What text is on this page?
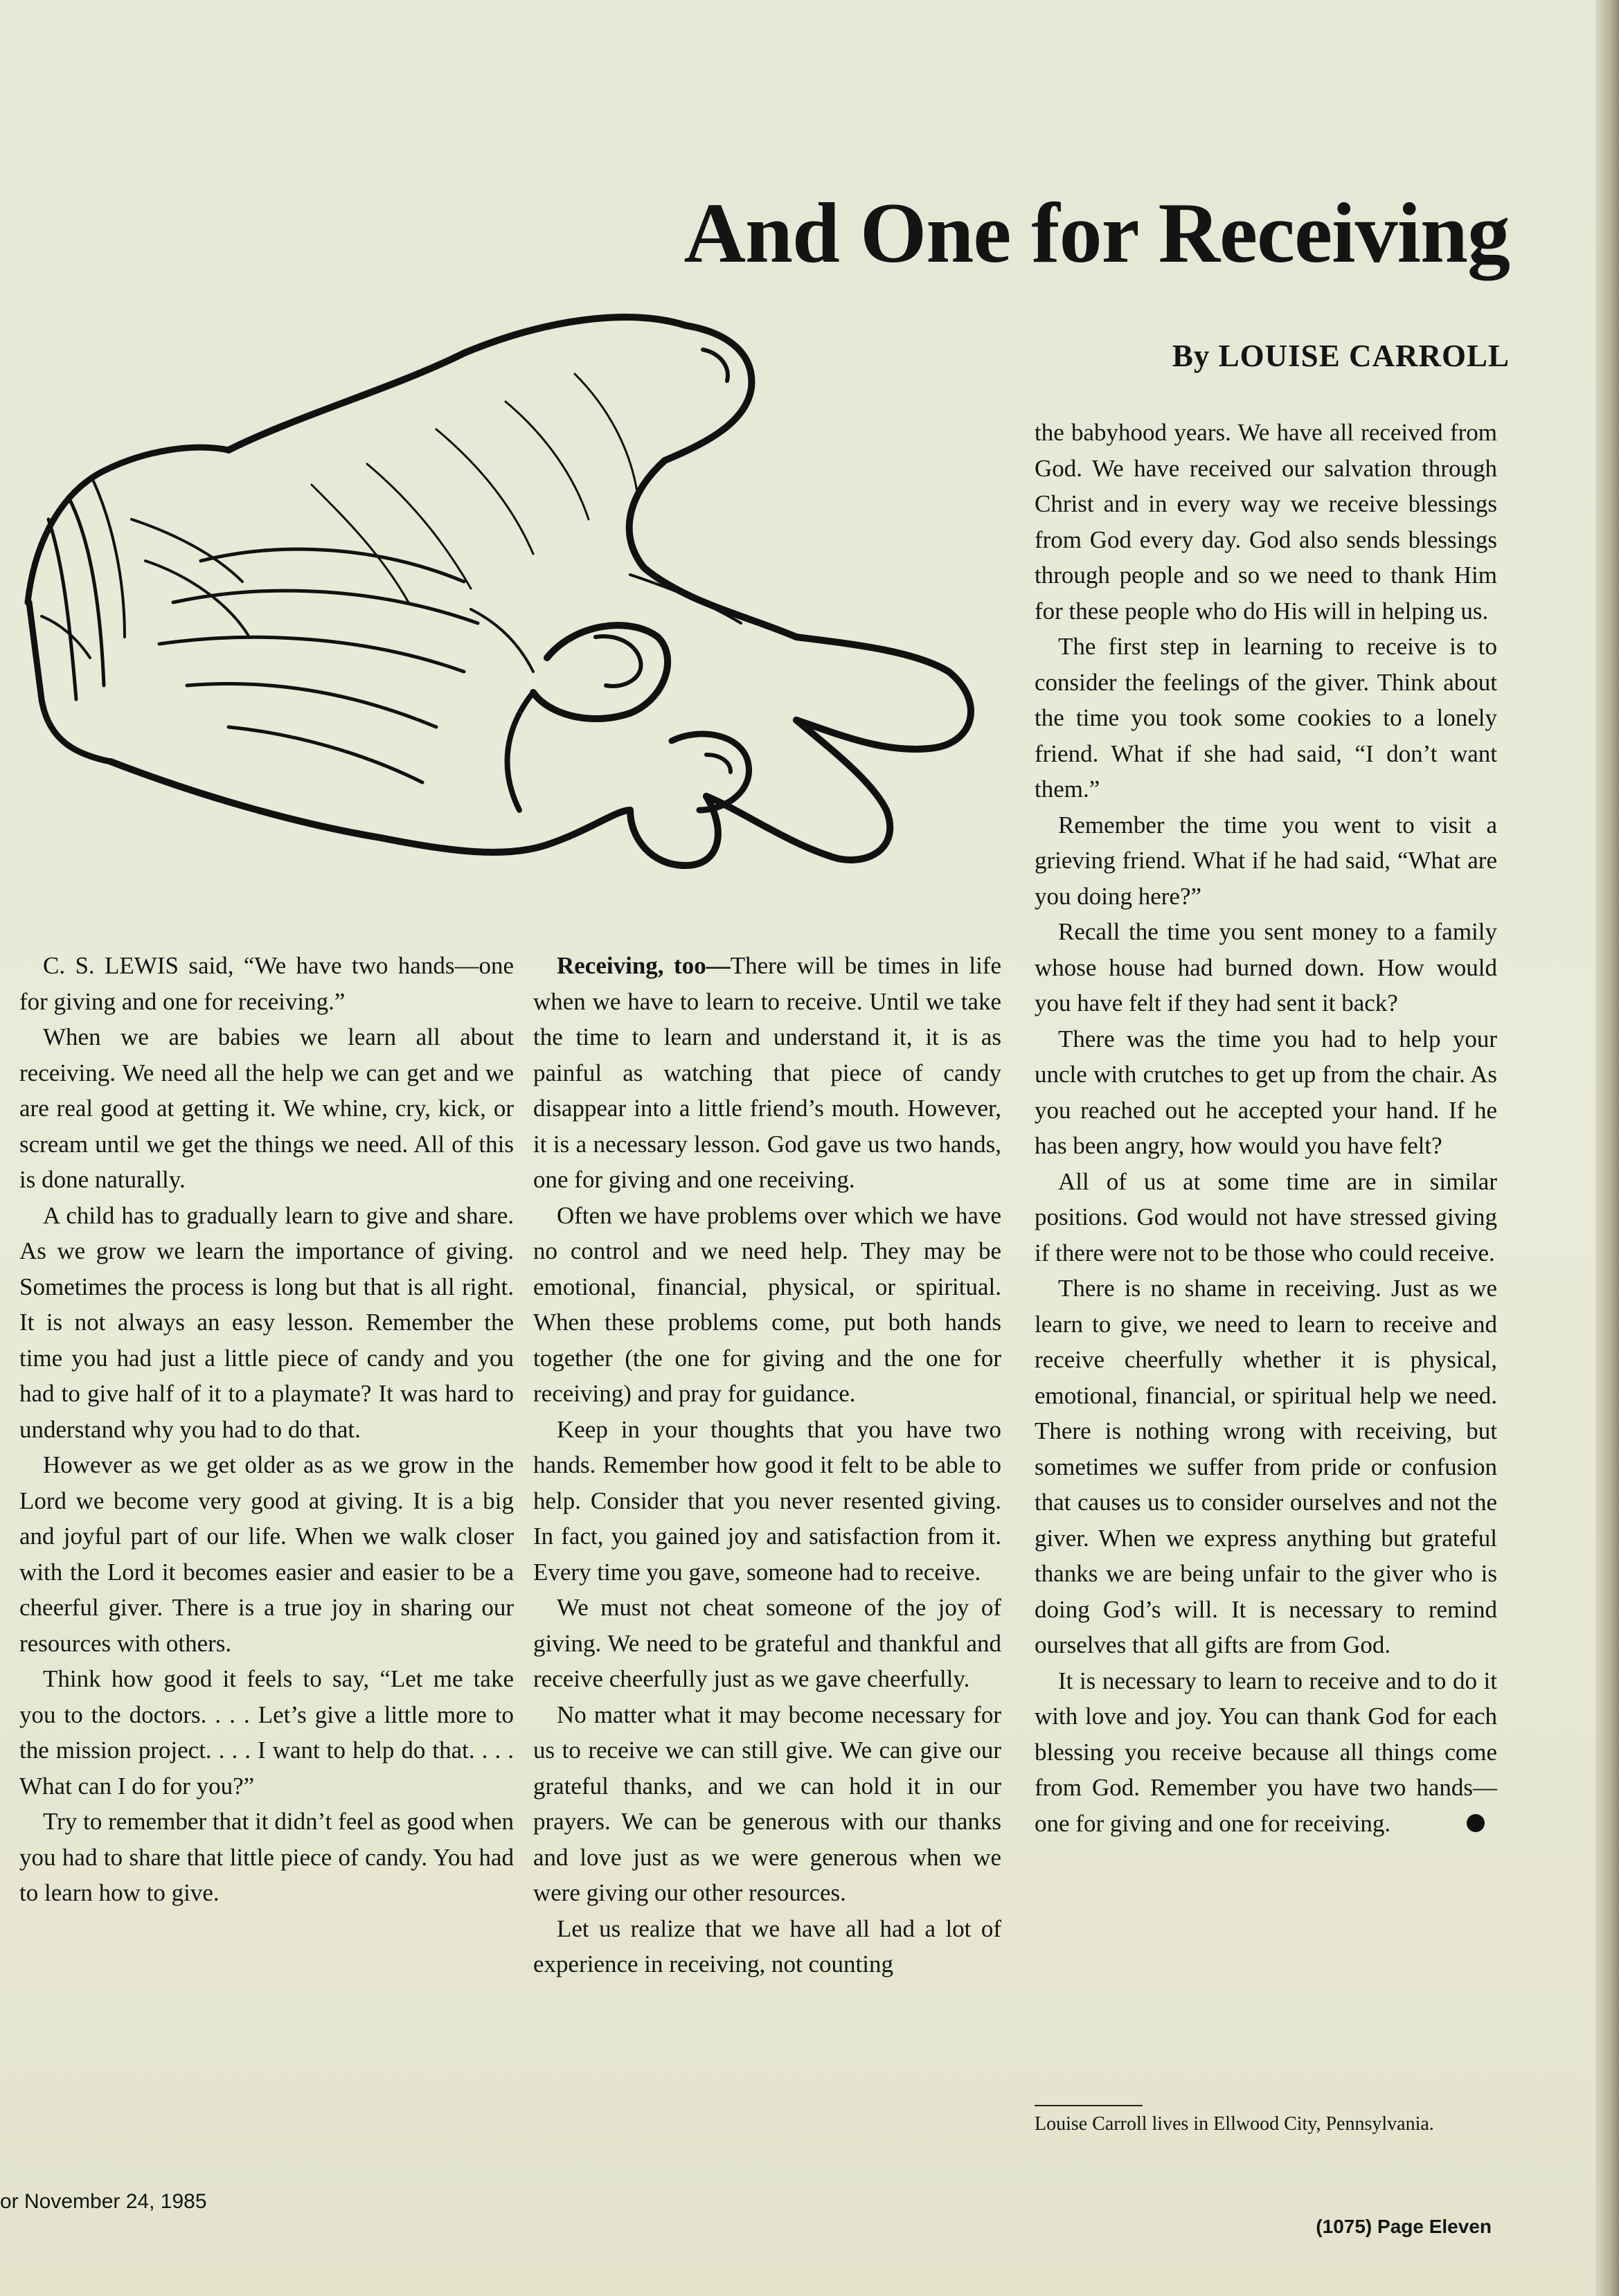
And One for Receiving
By LOUISE CARROLL

C. S. LEWIS said, “We have two hands—one for giving and one for receiving.”

When we are babies we learn all about receiving. We need all the help we can get and we are real good at getting it. We whine, cry, kick, or scream until we get the things we need. All of this is done naturally.

A child has to gradually learn to give and share. As we grow we learn the importance of giving. Sometimes the process is long but that is all right. It is not always an easy lesson. Remember the time you had just a little piece of candy and you had to give half of it to a playmate? It was hard to understand why you had to do that.

However as we get older as as we grow in the Lord we become very good at giving. It is a big and joyful part of our life. When we walk closer with the Lord it becomes easier and easier to be a cheerful giver. There is a true joy in sharing our resources with others.

Think how good it feels to say, “Let me take you to the doctors. . . . Let’s give a little more to the mission project. . . . I want to help do that. . . . What can I do for you?”

Try to remember that it didn’t feel as good when you had to share that little piece of candy. You had to learn how to give.

Receiving, too—There will be times in life when we have to learn to receive. Until we take the time to learn and understand it, it is as painful as watching that piece of candy disappear into a little friend’s mouth. However, it is a necessary lesson. God gave us two hands, one for giving and one receiving.

Often we have problems over which we have no control and we need help. They may be emotional, financial, physical, or spiritual. When these problems come, put both hands together (the one for giving and the one for receiving) and pray for guidance.

Keep in your thoughts that you have two hands. Remember how good it felt to be able to help. Consider that you never resented giving. In fact, you gained joy and satisfaction from it. Every time you gave, someone had to receive.

We must not cheat someone of the joy of giving. We need to be grateful and thankful and receive cheerfully just as we gave cheerfully.

No matter what it may become necessary for us to receive we can still give. We can give our grateful thanks, and we can hold it in our prayers. We can be generous with our thanks and love just as we were generous when we were giving our other resources.

Let us realize that we have all had a lot of experience in receiving, not counting

the babyhood years. We have all received from God. We have received our salvation through Christ and in every way we receive blessings from God every day. God also sends blessings through people and so we need to thank Him for these people who do His will in helping us.

The first step in learning to receive is to consider the feelings of the giver. Think about the time you took some cookies to a lonely friend. What if she had said, “I don’t want them.”

Remember the time you went to visit a grieving friend. What if he had said, “What are you doing here?”

Recall the time you sent money to a family whose house had burned down. How would you have felt if they had sent it back?

There was the time you had to help your uncle with crutches to get up from the chair. As you reached out he accepted your hand. If he has been angry, how would you have felt?

All of us at some time are in similar positions. God would not have stressed giving if there were not to be those who could receive.

There is no shame in receiving. Just as we learn to give, we need to learn to receive and receive cheerfully whether it is physical, emotional, financial, or spiritual help we need. There is nothing wrong with receiving, but sometimes we suffer from pride or confusion that causes us to consider ourselves and not the giver. When we express anything but grateful thanks we are being unfair to the giver who is doing God’s will. It is necessary to remind ourselves that all gifts are from God.

It is necessary to learn to receive and to do it with love and joy. You can thank God for each blessing you receive because all things come from God. Remember you have two hands—one for giving and one for receiving.

Louise Carroll lives in Ellwood City, Pennsylvania.
or November 24, 1985
(1075) Page Eleven
